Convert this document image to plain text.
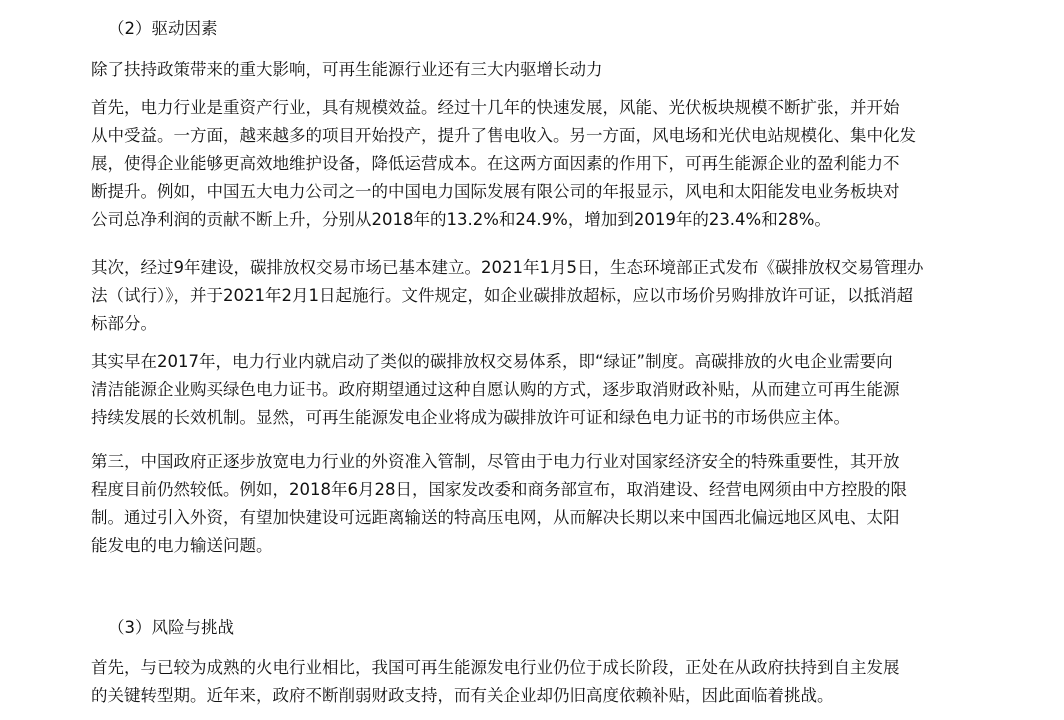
（2）驱动因素

除了扶持政策带来的重大影响，可再生能源行业还有三大内驱增长动力

首先，电力行业是重资产行业，具有规模效益。经过十几年的快速发展，风能、光伏板块规模不断扩张，并开始
从中受益。一方面，越来越多的项目开始投产，提升了售电收入。另一方面，风电场和光伏电站规模化、集中化发
展，使得企业能够更高效地维护设备，降低运营成本。在这两方面因素的作用下，可再生能源企业的盈利能力不
断提升。例如，中国五大电力公司之一的中国电力国际发展有限公司的年报显示，风电和太阳能发电业务板块对
公司总净利润的贡献不断上升，分别从2018年的13.2%和24.9%，增加到2019年的23.4%和28%。

其次，经过9年建设，碳排放权交易市场已基本建立。2021年1月5日，生态环境部正式发布《碳排放权交易管理办
法（试行）》，并于2021年2月1日起施行。文件规定，如企业碳排放超标，应以市场价另购排放许可证，以抵消超
标部分。

其实早在2017年，电力行业内就启动了类似的碳排放权交易体系，即“绿证”制度。高碳排放的火电企业需要向
清洁能源企业购买绿色电力证书。政府期望通过这种自愿认购的方式，逐步取消财政补贴，从而建立可再生能源
持续发展的长效机制。显然，可再生能源发电企业将成为碳排放许可证和绿色电力证书的市场供应主体。

第三，中国政府正逐步放宽电力行业的外资准入管制，尽管由于电力行业对国家经济安全的特殊重要性，其开放
程度目前仍然较低。例如，2018年6月28日，国家发改委和商务部宣布，取消建设、经营电网须由中方控股的限
制。通过引入外资，有望加快建设可远距离输送的特高压电网，从而解决长期以来中国西北偏远地区风电、太阳
能发电的电力输送问题。

（3）风险与挑战

首先，与已较为成熟的火电行业相比，我国可再生能源发电行业仍位于成长阶段，正处在从政府扶持到自主发展
的关键转型期。近年来，政府不断削弱财政支持，而有关企业却仍旧高度依赖补贴，因此面临着挑战。
